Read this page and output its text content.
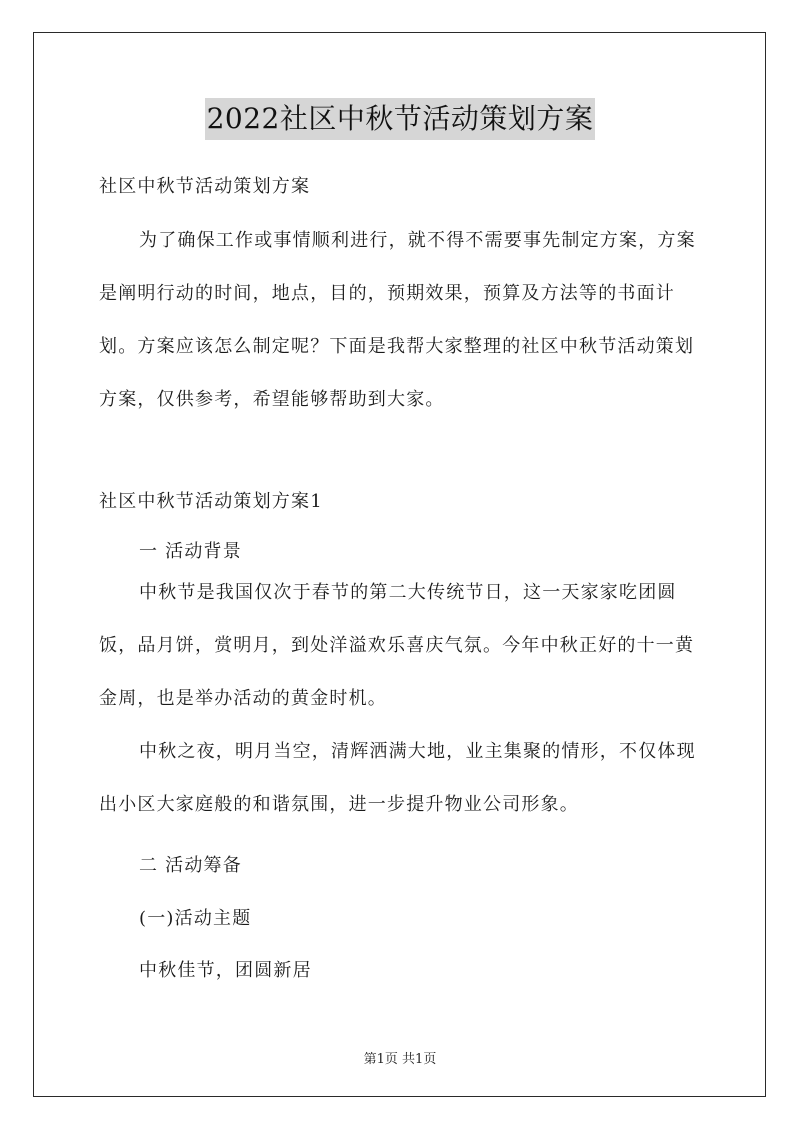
2022社区中秋节活动策划方案

社区中秋节活动策划方案

为了确保工作或事情顺利进行，就不得不需要事先制定方案，方案是阐明行动的时间，地点，目的，预期效果，预算及方法等的书面计划。方案应该怎么制定呢？下面是我帮大家整理的社区中秋节活动策划方案，仅供参考，希望能够帮助到大家。

社区中秋节活动策划方案1

一 活动背景

中秋节是我国仅次于春节的第二大传统节日，这一天家家吃团圆饭，品月饼，赏明月，到处洋溢欢乐喜庆气氛。今年中秋正好的十一黄金周，也是举办活动的黄金时机。

中秋之夜，明月当空，清辉洒满大地，业主集聚的情形，不仅体现出小区大家庭般的和谐氛围，进一步提升物业公司形象。

二 活动筹备

(一)活动主题

中秋佳节，团圆新居

第1页 共1页
